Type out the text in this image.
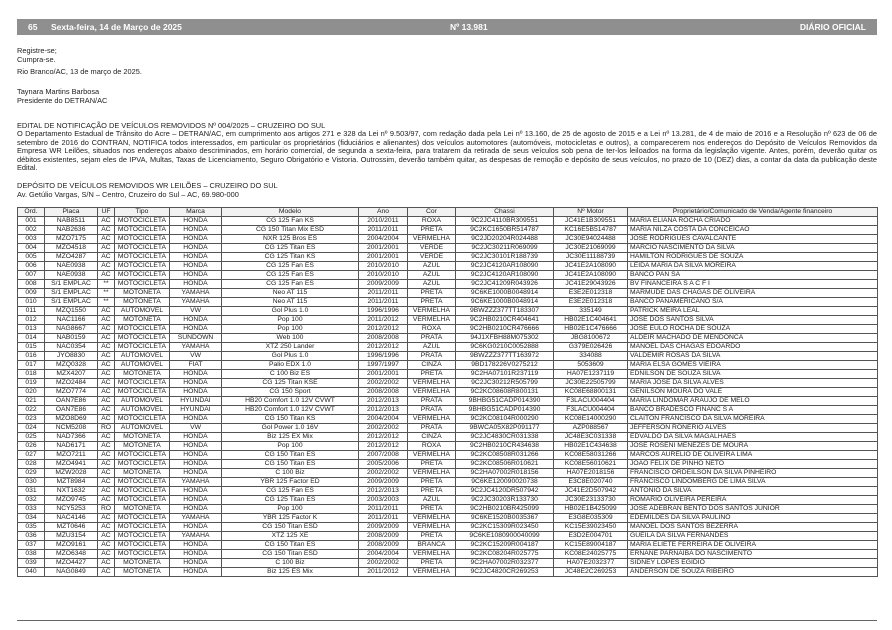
65 Sexta-feira, 14 de Março de 2025	Nº 13.981	DIÁRIO OFICIAL
Registre-se;
Cumpra-se.
Rio Branco/AC, 13 de março de 2025.
Taynara Martins Barbosa
Presidente do DETRAN/AC
EDITAL DE NOTIFICAÇÃO DE VEÍCULOS REMOVIDOS Nº 004/2025 – CRUZEIRO DO SUL
O Departamento Estadual de Trânsito do Acre – DETRAN/AC, em cumprimento aos artigos 271 e 328 da Lei nº 9.503/97, com redação dada pela Lei nº 13.160, de 25 de agosto de 2015 e a Lei nº 13.281, de 4 de maio de 2016 e a Resolução nº 623 de 06 de setembro de 2016 do CONTRAN, NOTIFICA todos interessados, em particular os proprietários (fiduciários e alienantes) dos veículos automotores (automóveis, motocicletas e outros), a comparecerem nos endereços do Depósito de Veículos Removidos da Empresa WR Leilões, situados nos endereços abaixo descriminados, em horário comercial, de segunda a sexta-feira, para tratarem da retirada de seus veículos sob pena de ter-los leiloados na forma da legislação vigente. Antes, porém, deverão quitar os débitos existentes, sejam eles de IPVA, Multas, Taxas de Licenciamento, Seguro Obrigatório e Vistoria. Outrossim, deverão também quitar, as despesas de remoção e depósito de seus veículos, no prazo de 10 (DEZ) dias, a contar da data da publicação deste Edital.
DEPÓSITO DE VEÍCULOS REMOVIDOS WR LEILÕES – CRUZEIRO DO SUL
Av. Getúlio Vargas, S/N – Centro, Cruzeiro do Sul – AC, 69.980-000
Ord.	Placa	UF	Tipo	Marca	Modelo	Ano	Cor	Chassi	Nº Motor	Proprietário/Comunicado de Venda/Agente financeiro
001	NAB8511	AC	MOTOCICLETA	HONDA	CG 125 Fan KS	2010/2011	ROXA	9C2JC4110BR309551	JC41E1B309551	MARIA ELIANA ROCHA CRIADO
002	NAB2636	AC	MOTOCICLETA	HONDA	CG 150 Titan Mix ESD	2011/2011	PRETA	9C2KC1650BR514787	KC16E5B514787	MARIA NILZA COSTA DA CONCEICAO
003	MZO7175	AC	MOTOCICLETA	HONDA	NXR 125 Bros ES	2004/2004	VERMELHA	9C2JD20204R024488	JC30E94024488	JOSE RODRIGUES CAVALCANTE
004	MZO4518	AC	MOTOCICLETA	HONDA	CG 125 Titan ES	2001/2001	VERDE	9C2JC30211R069099	JC30E21069099	MARCIO NASCIMENTO DA SILVA
005	MZO4287	AC	MOTOCICLETA	HONDA	CG 125 Titan KS	2001/2001	VERDE	9C2JC30101R188739	JC30E11188739	HAMILTON RODRIGUES DE SOUZA
006	NAE0938	AC	MOTOCICLETA	HONDA	CG 125 Fan ES	2010/2010	AZUL	9C2JC4120AR108090	JC41E2A108090	LEIDA MARIA DA SILVA MOREIRA
007	NAE0938	AC	MOTOCICLETA	HONDA	CG 125 Fan ES	2010/2010	AZUL	9C2JC4120AR108090	JC41E2A108090	BANCO PAN SA
008	S/1 EMPLAC	**	MOTOCICLETA	HONDA	CG 125 Fan ES	2009/2009	AZUL	9C2JC41209R043926	JC41E29043926	BV FINANCEIRA S A C F I
009	S/1 EMPLAC	**	MOTONETA	YAMAHA	Neo AT 115	2011/2011	PRETA	9C6KE1000B0048914	E3E2E012318	MARMUDE DAS CHAGAS DE OLIVEIRA
010	S/1 EMPLAC	**	MOTONETA	YAMAHA	Neo AT 115	2011/2011	PRETA	9C6KE1000B0048914	E3E2E012318	BANCO PANAMERICANO S/A
011	MZQ1550	AC	AUTOMÓVEL	VW	Gol Plus 1.0	1996/1996	VERMELHA	9BWZZZ377TT183307	335149	PATRICK MEIRA LEAL
012	NAC1166	AC	MOTONETA	HONDA	Pop 100	2011/2012	VERMELHA	9C2HB0210CR404641	HB02E1C404641	JOSE DOS SANTOS SILVA
013	NAG8667	AC	MOTOCICLETA	HONDA	Pop 100	2012/2012	ROXA	9C2HB0210CR476666	HB02E1C476666	JOSE EULO ROCHA DE SOUZA
014	NAB0159	AC	MOTOCICLETA	SUNDOWN	Web 100	2008/2008	PRATA	94J1XFBH88M075302	JBG8100672	ALDEIR MACHADO DE MENDONCA
015	NAC0354	AC	MOTOCICLETA	YAMAHA	XTZ 250 Lander	2012/2012	AZUL	9C6KG0210C0052888	G379E026426	MANOEL DAS CHAGAS EDOARDO
016	JYO8830	AC	AUTOMÓVEL	VW	Gol Plus 1.0	1996/1996	PRATA	9BWZZZ377TT163972	334088	VALDEMIR ROSAS DA SILVA
017	MZQ0328	AC	AUTOMÓVEL	FIAT	Palio EDX 1.0	1997/1997	CINZA	9BD178226V0275212	5053609	MARIA ELSA GOMES VIEIRA
018	MZX4207	AC	MOTONETA	HONDA	C 100 Biz ES	2001/2001	PRETA	9C2HA07101R237119	HA07E1237119	EDNILSON DE SOUZA SILVA
019	MZO2484	AC	MOTOCICLETA	HONDA	CG 125 Titan KSE	2002/2002	VERMELHA	9C2JC30212R505799	JC30E22505799	MARIA JOSE DA SILVA ALVES
020	MZO7774	AC	MOTOCICLETA	HONDA	CG 150 Sport	2008/2008	VERMELHA	9C2KC08608R800131	KC08E68800131	GENILSON MOURA DO VALE
021	OAN7E86	AC	AUTOMÓVEL	HYUNDAI	HB20 Comfort 1.0 12V CVWT	2012/2013	PRATA	9BHBG51CADP014390	F3LACU004404	MARIA LINDOMAR ARAUJO DE MELO
022	OAN7E86	AC	AUTOMÓVEL	HYUNDAI	HB20 Comfort 1.0 12V CVWT	2012/2013	PRATA	9BHBG51CADP014390	F3LACU004404	BANCO BRADESCO FINANC S A
023	MZO8D69	AC	MOTOCICLETA	HONDA	CG 150 Titan KS	2004/2004	VERMELHA	9C2KC08104R000290	KC08E14000290	CLAITON FRANCISCO DA SILVA MOREIRA
024	NCM5208	RO	AUTOMÓVEL	VW	Gol Power 1.0 16V	2002/2002	PRATA	9BWCA05X82P091177	AZP088567	JEFFERSON RONERIO ALVES
025	NAD7366	AC	MOTONETA	HONDA	Biz 125 EX Mix	2012/2012	CINZA	9C2JC4830CR031338	JC48E3C031338	EDVALDO DA SILVA MAGALHAES
026	NAD6171	AC	MOTONETA	HONDA	Pop 100	2012/2012	ROXA	9C2HB0210CR434638	HB02E1C434638	JOSE ROSENI MENEZES DE MOURA
027	MZO7211	AC	MOTOCICLETA	HONDA	CG 150 Titan ES	2007/2008	VERMELHA	9C2KC08508R031266	KC08E58031266	MARCOS AURELIO DE OLIVEIRA LIMA
028	MZO4941	AC	MOTOCICLETA	HONDA	CG 150 Titan ES	2005/2006	PRETA	9C2KC08506R010621	KC08E56010621	JOAO FELIX DE PINHO NETO
029	MZW2028	AC	MOTONETA	HONDA	C 100 Biz	2002/2002	VERMELHA	9C2HA07002R018156	HA07E2018156	FRANCISCO ORDEILSON DA SILVA PINHEIRO
030	MZT8984	AC	MOTOCICLETA	YAMAHA	YBR 125 Factor ED	2009/2009	PRETA	9C6KE120090020738	E3C8E020740	FRANCISCO LINDOMBERG DE LIMA SILVA
031	NXT1632	AC	MOTOCICLETA	HONDA	CG 125 Fan ES	2012/2013	PRETA	9C2JC4120DR507942	JC41E2D507942	ANTONIO DA SILVA
032	MZO9745	AC	MOTOCICLETA	HONDA	CG 125 Titan ES	2003/2003	AZUL	9C2JC30203R133730	JC30E23133730	ROMARIO OLIVEIRA PEREIRA
033	NCY5253	RO	MOTONETA	HONDA	Pop 100	2011/2011	PRETA	9C2HB0210BR425099	HB02E1B425099	JOSE ADEBRAN BENTO DOS SANTOS JUNIOR
034	NAC4146	AC	MOTOCICLETA	YAMAHA	YBR 125 Factor K	2011/2011	VERMELHA	9C6KE1520B0035367	E3G8E035309	EDEMILDES DA SILVA PAULINO
035	MZT0646	AC	MOTOCICLETA	HONDA	CG 150 Titan ESD	2009/2009	VERMELHA	9C2KC15309R023450	KC15E39023450	MANOEL DOS SANTOS BEZERRA
036	MZU3154	AC	MOTOCICLETA	YAMAHA	XTZ 125 XE	2008/2009	PRETA	9C6KE1080900040099	E3D2E004701	GUEILA DA SILVA FERNANDES
037	MZO9161	AC	MOTOCICLETA	HONDA	CG 150 Titan ES	2008/2009	BRANCA	9C2KC15209R004187	KC15E89004187	MARIA ELIETE FERREIRA DE OLIVEIRA
038	MZO6348	AC	MOTOCICLETA	HONDA	CG 150 Titan ESD	2004/2004	VERMELHA	9C2KC08204R025775	KC08E24025775	ERNANE PARNAIBA DO NASCIMENTO
039	MZO4427	AC	MOTONETA	HONDA	C 100 Biz	2002/2002	PRETA	9C2HA07002R032377	HA07E2032377	SIDNEY LOPES EGIDIO
040	NAG0849	AC	MOTONETA	HONDA	Biz 125 ES Mix	2011/2012	VERMELHA	9C2JC4820CR269253	JC48E2C269253	ANDERSON DE SOUZA RIBEIRO
